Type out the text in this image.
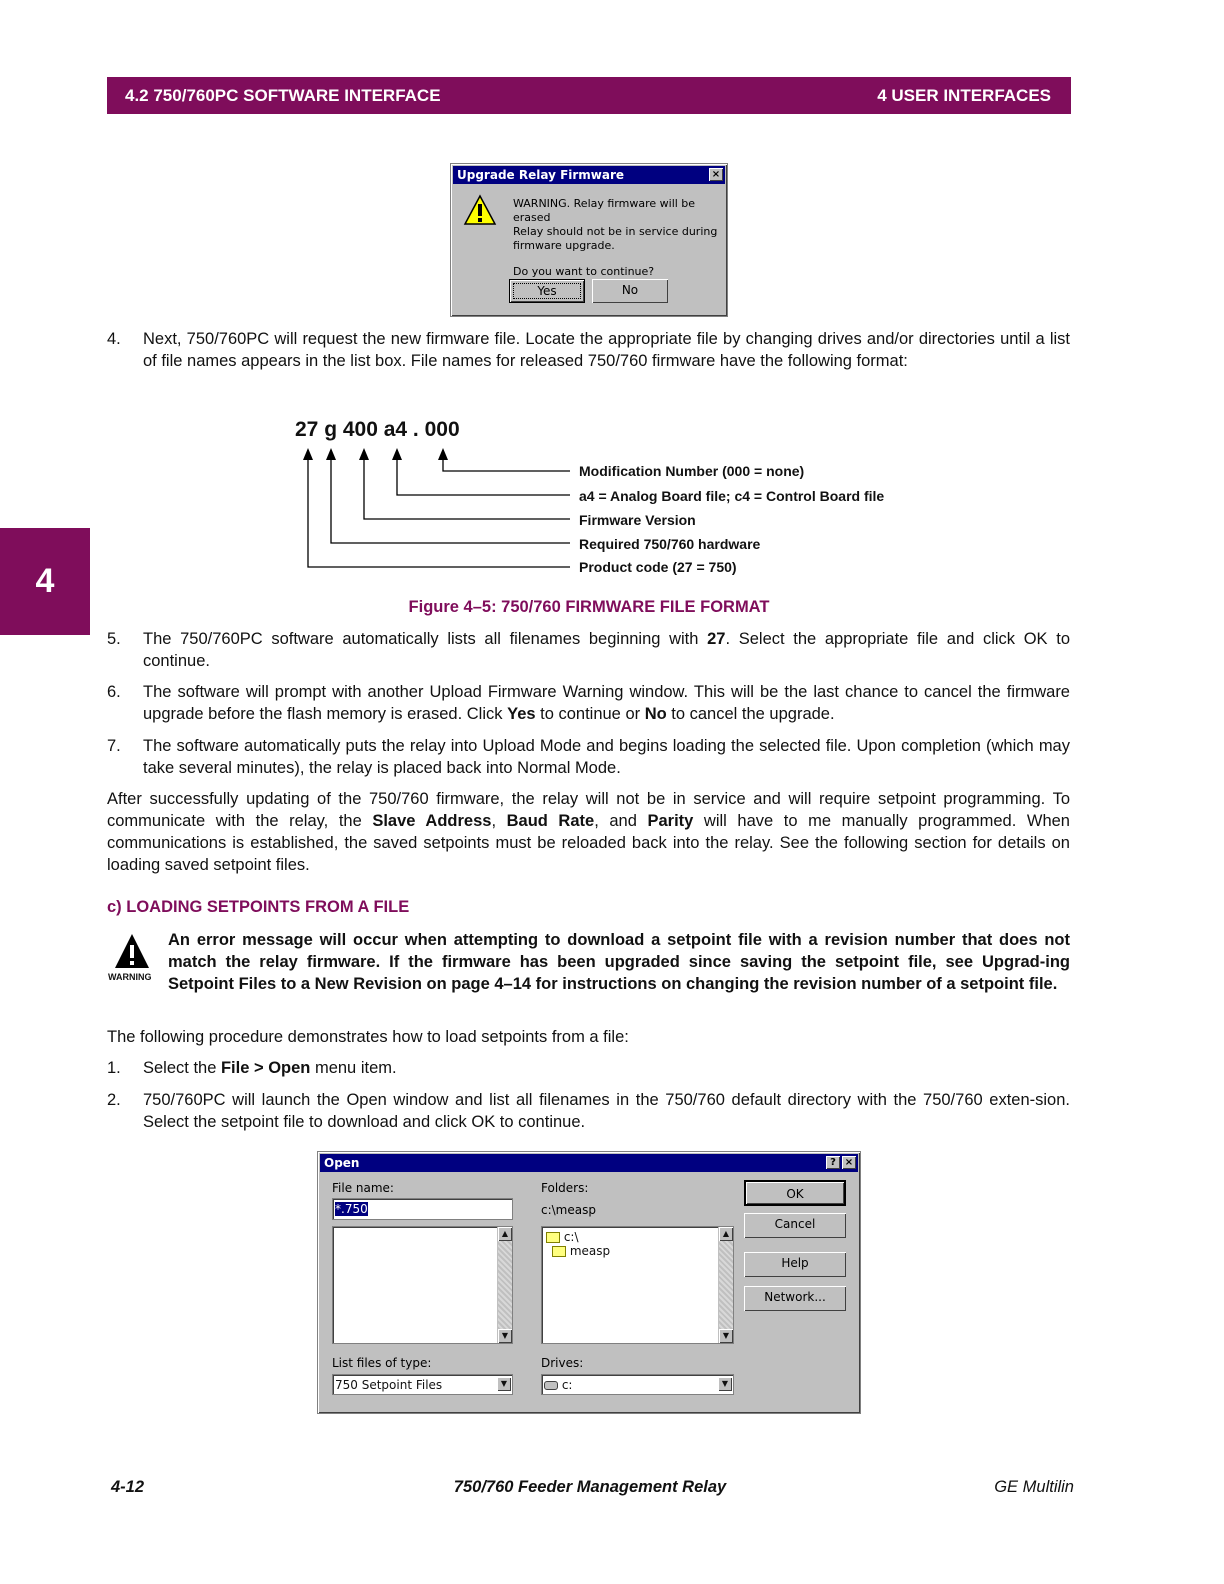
4.2 750/760PC SOFTWARE INTERFACE	4 USER INTERFACES
4
Upgrade Relay Firmware	×
WARNING. Relay firmware will be erased
Relay should not be in service during
firmware upgrade.
Do you want to continue?
Yes	No
4. Next, 750/760PC will request the new firmware file. Locate the appropriate file by changing drives and/or directories until a list of file names appears in the list box. File names for released 750/760 firmware have the following format:
27 g 400 a4 . 000
Modification Number (000 = none)
a4 = Analog Board file; c4 = Control Board file
Firmware Version
Required 750/760 hardware
Product code (27 = 750)
Figure 4–5: 750/760 FIRMWARE FILE FORMAT
5. The 750/760PC software automatically lists all filenames beginning with 27. Select the appropriate file and click OK to continue.
6. The software will prompt with another Upload Firmware Warning window. This will be the last chance to cancel the firmware upgrade before the flash memory is erased. Click Yes to continue or No to cancel the upgrade.
7. The software automatically puts the relay into Upload Mode and begins loading the selected file. Upon completion (which may take several minutes), the relay is placed back into Normal Mode.
After successfully updating of the 750/760 firmware, the relay will not be in service and will require setpoint programming. To communicate with the relay, the Slave Address, Baud Rate, and Parity will have to me manually programmed. When communications is established, the saved setpoints must be reloaded back into the relay. See the following section for details on loading saved setpoint files.
c) LOADING SETPOINTS FROM A FILE
WARNING
An error message will occur when attempting to download a setpoint file with a revision number that does not match the relay firmware. If the firmware has been upgraded since saving the setpoint file, see Upgrad-ing Setpoint Files to a New Revision on page 4–14 for instructions on changing the revision number of a setpoint file.
The following procedure demonstrates how to load setpoints from a file:
1. Select the File > Open menu item.
2. 750/760PC will launch the Open window and list all filenames in the 750/760 default directory with the 750/760 exten-sion. Select the setpoint file to download and click OK to continue.
Open	? ×
File name:
*.750
▲
▼
Folders:
c:\measp
c:\
measp
▲
▼
OK
Cancel
Help
Network...
List files of type:
750 Setpoint Files	▼
Drives:
c:	▼
4-12	750/760 Feeder Management Relay	GE Multilin
